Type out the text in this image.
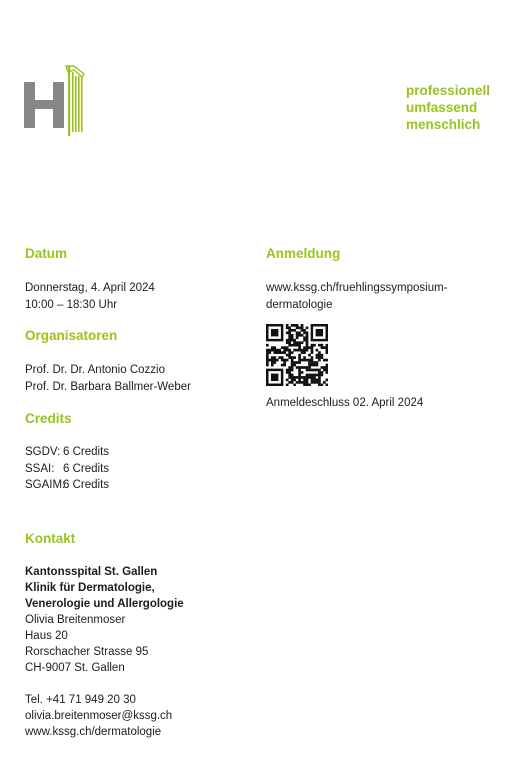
professionell
umfassend
menschlich
Datum
Donnerstag, 4. April 2024
10:00 – 18:30 Uhr
Organisatoren
Prof. Dr. Dr. Antonio Cozzio
Prof. Dr. Barbara Ballmer-Weber
Credits
SGDV: 6 Credits
SSAI: 6 Credits
SGAIM:6 Credits
Anmeldung
www.kssg.ch/fruehlingssymposium-
dermatologie
Anmeldeschluss 02. April 2024
Kontakt
Kantonsspital St. Gallen
Klinik für Dermatologie,
Venerologie und Allergologie
Olivia Breitenmoser
Haus 20
Rorschacher Strasse 95
CH-9007 St. Gallen
Tel. +41 71 949 20 30
olivia.breitenmoser@kssg.ch
www.kssg.ch/dermatologie
